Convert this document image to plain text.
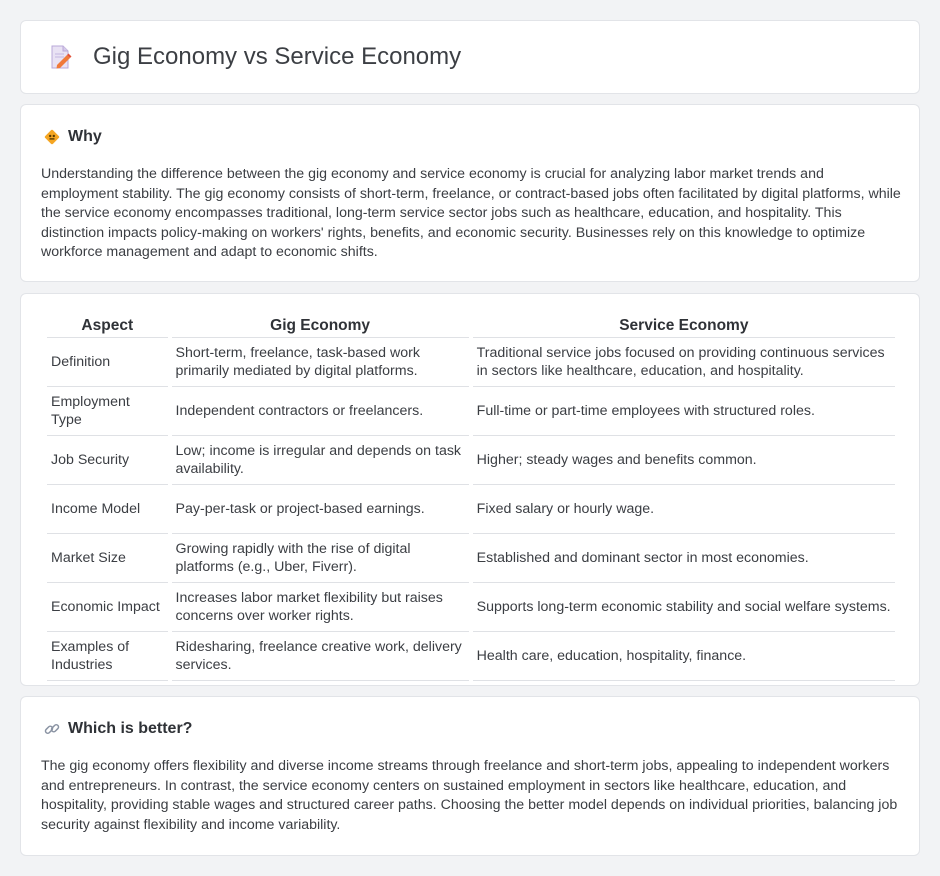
Gig Economy vs Service Economy
Why

Understanding the difference between the gig economy and service economy is crucial for analyzing labor market trends and employment stability. The gig economy consists of short-term, freelance, or contract-based jobs often facilitated by digital platforms, while the service economy encompasses traditional, long-term service sector jobs such as healthcare, education, and hospitality. This distinction impacts policy-making on workers' rights, benefits, and economic security. Businesses rely on this knowledge to optimize workforce management and adapt to economic shifts.

Aspect	Gig Economy	Service Economy
Definition	Short-term, freelance, task-based work primarily mediated by digital platforms.	Traditional service jobs focused on providing continuous services in sectors like healthcare, education, and hospitality.
Employment Type	Independent contractors or freelancers.	Full-time or part-time employees with structured roles.
Job Security	Low; income is irregular and depends on task availability.	Higher; steady wages and benefits common.
Income Model	Pay-per-task or project-based earnings.	Fixed salary or hourly wage.
Market Size	Growing rapidly with the rise of digital platforms (e.g., Uber, Fiverr).	Established and dominant sector in most economies.
Economic Impact	Increases labor market flexibility but raises concerns over worker rights.	Supports long-term economic stability and social welfare systems.
Examples of Industries	Ridesharing, freelance creative work, delivery services.	Health care, education, hospitality, finance.
Which is better?

The gig economy offers flexibility and diverse income streams through freelance and short-term jobs, appealing to independent workers and entrepreneurs. In contrast, the service economy centers on sustained employment in sectors like healthcare, education, and hospitality, providing stable wages and structured career paths. Choosing the better model depends on individual priorities, balancing job security against flexibility and income variability.
